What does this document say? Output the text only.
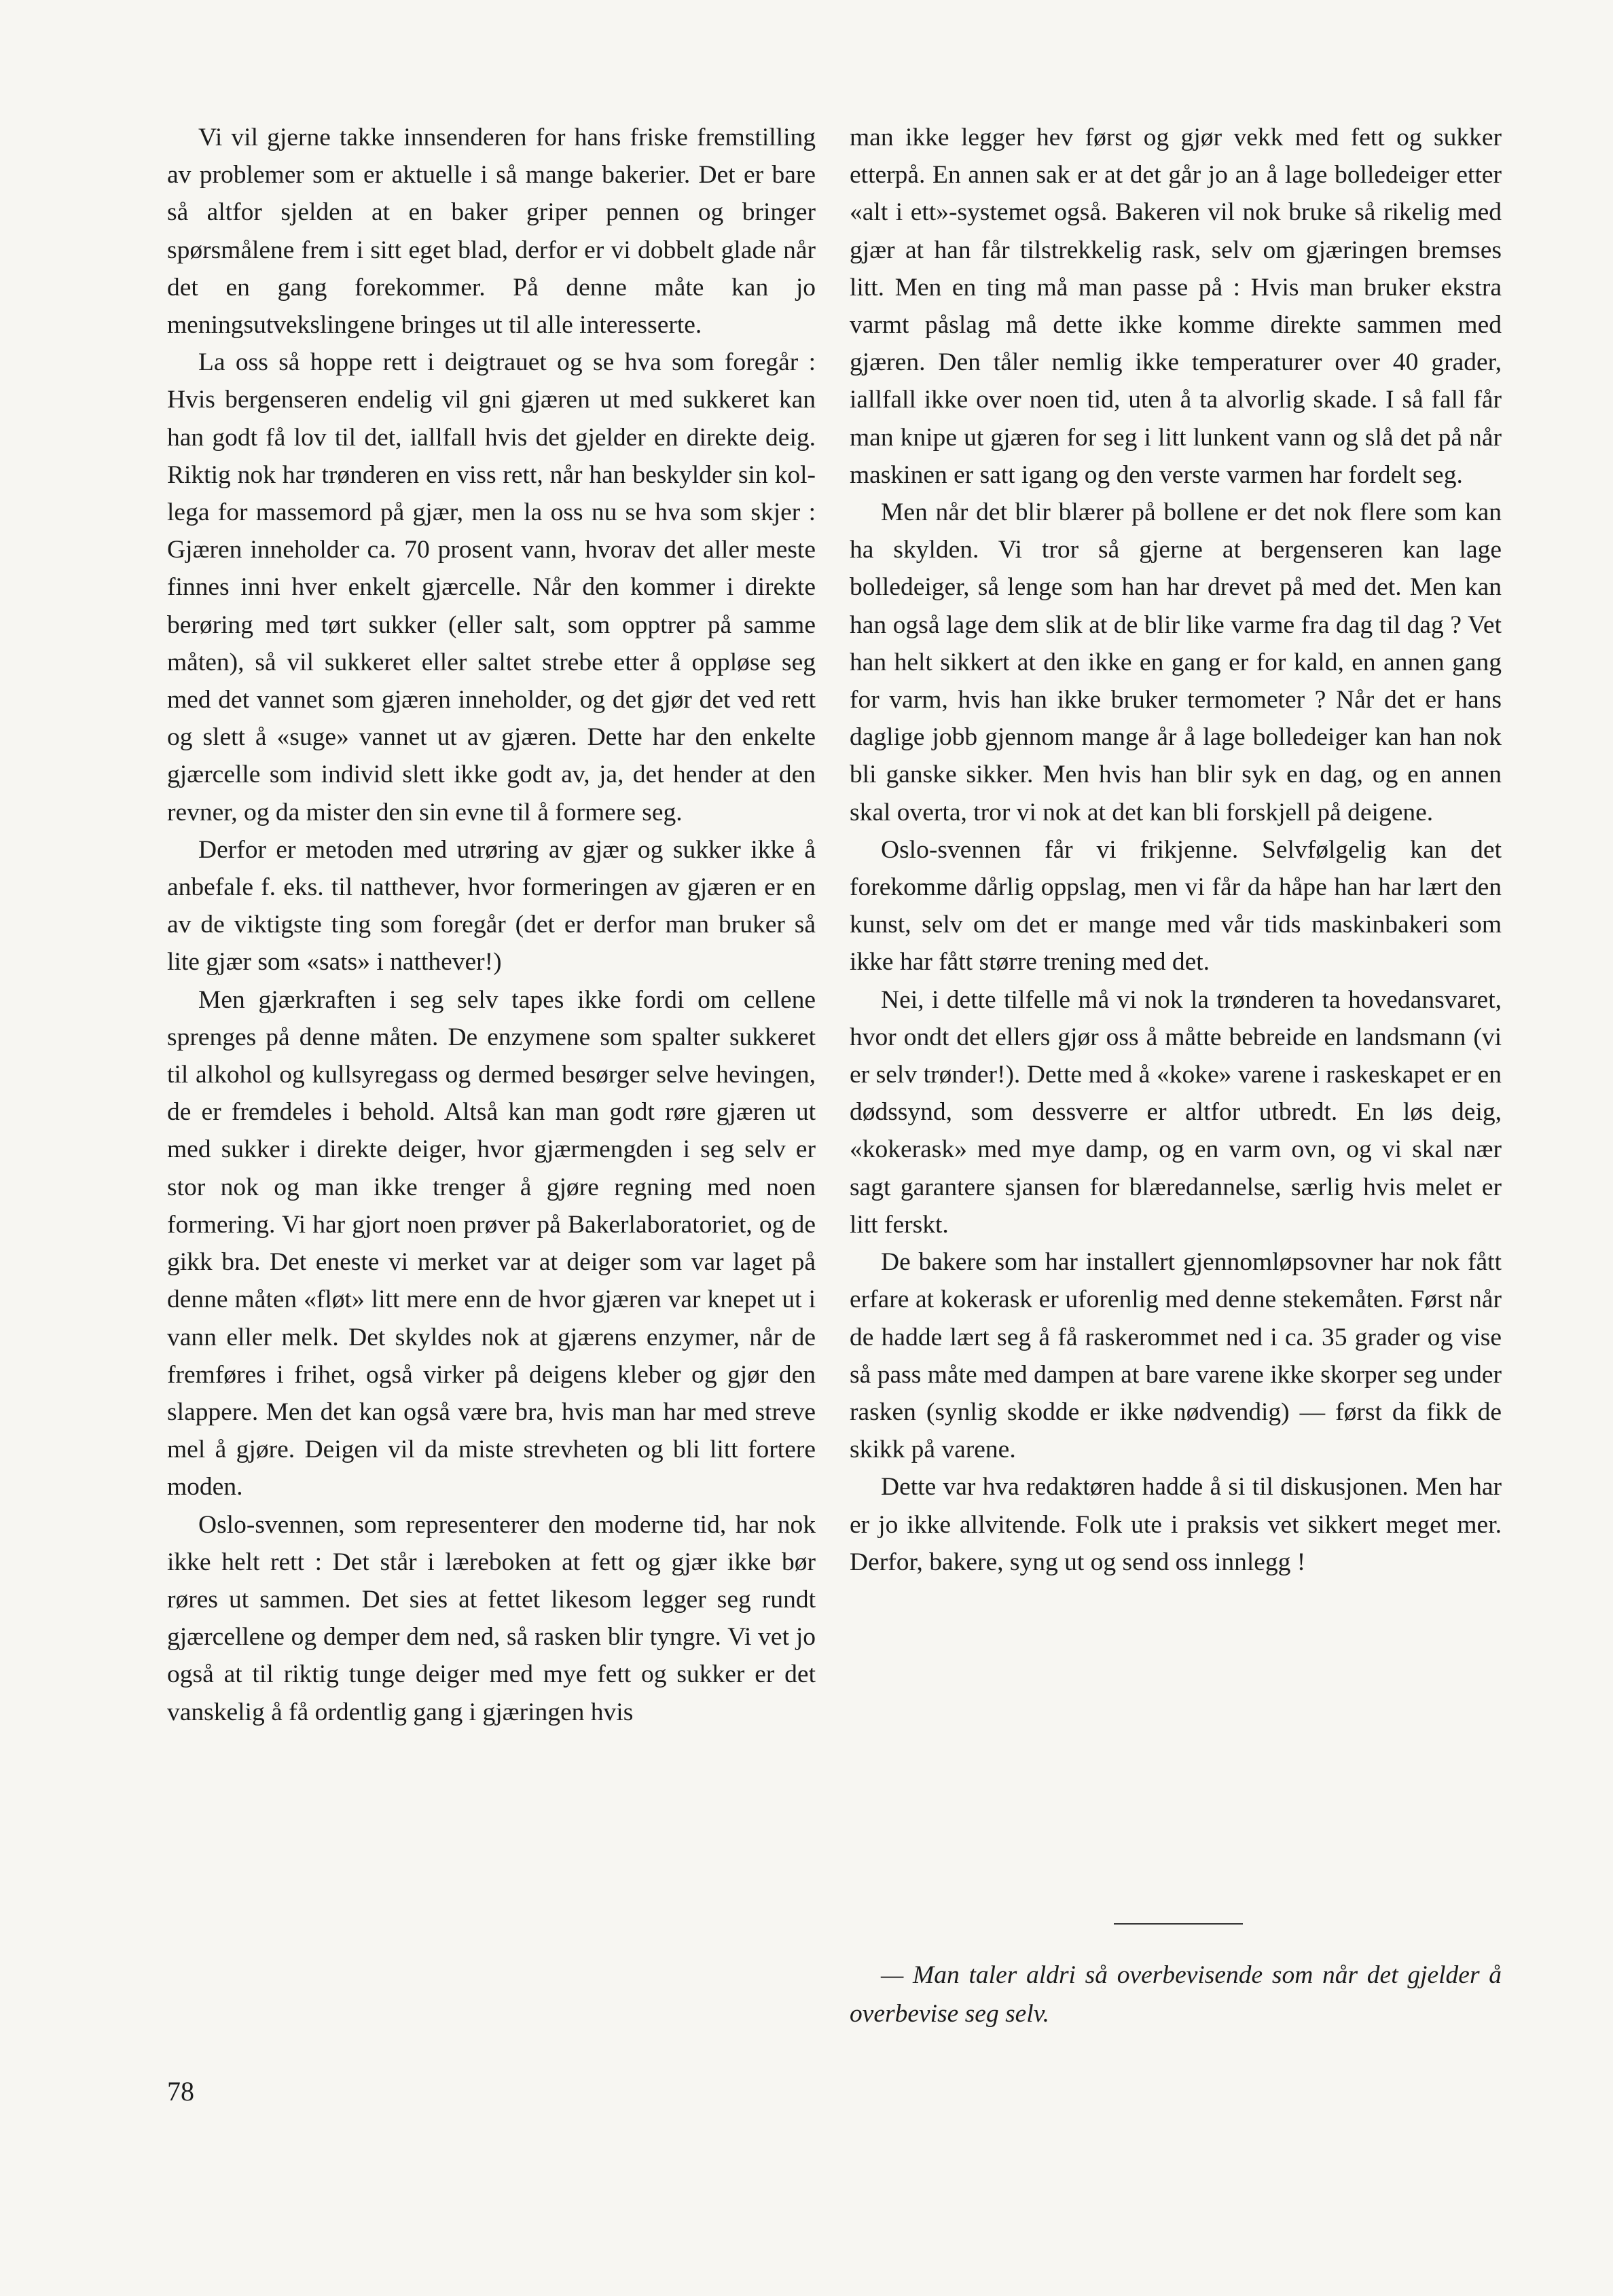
Vi vil gjerne takke innsenderen for hans friske fremstilling av problemer som er aktuelle i så mange bakerier. Det er bare så altfor sjelden at en baker griper pennen og bringer spørsmålene frem i sitt eget blad, derfor er vi dobbelt glade når det en gang forekommer. På denne måte kan jo meningsutvekslingene bringes ut til alle interesserte.

La oss så hoppe rett i deigtrauet og se hva som foregår : Hvis bergenseren endelig vil gni gjæren ut med sukkeret kan han godt få lov til det, iallfall hvis det gjelder en direkte deig. Riktig nok har trønderen en viss rett, når han beskylder sin kollega for massemord på gjær, men la oss nu se hva som skjer : Gjæren inneholder ca. 70 prosent vann, hvorav det aller meste finnes inni hver enkelt gjærcelle. Når den kommer i direkte berøring med tørt sukker (eller salt, som opptrer på samme måten), så vil sukkeret eller saltet strebe etter å oppløse seg med det vannet som gjæren inneholder, og det gjør det ved rett og slett å «suge» vannet ut av gjæren. Dette har den enkelte gjærcelle som individ slett ikke godt av, ja, det hender at den revner, og da mister den sin evne til å formere seg.

Derfor er metoden med utrøring av gjær og sukker ikke å anbefale f. eks. til natthever, hvor formeringen av gjæren er en av de viktigste ting som foregår (det er derfor man bruker så lite gjær som «sats» i natthever!)

Men gjærkraften i seg selv tapes ikke fordi om cellene sprenges på denne måten. De enzymene som spalter sukkeret til alkohol og kullsyregass og dermed besørger selve hevingen, de er fremdeles i behold. Altså kan man godt røre gjæren ut med sukker i direkte deiger, hvor gjærmengden i seg selv er stor nok og man ikke trenger å gjøre regning med noen formering. Vi har gjort noen prøver på Bakerlaboratoriet, og de gikk bra. Det eneste vi merket var at deiger som var laget på denne måten «fløt» litt mere enn de hvor gjæren var knepet ut i vann eller melk. Det skyldes nok at gjærens enzymer, når de fremføres i frihet, også virker på deigens kleber og gjør den slappere. Men det kan også være bra, hvis man har med streve mel å gjøre. Deigen vil da miste strevheten og bli litt fortere moden.

Oslo-svennen, som representerer den moderne tid, har nok ikke helt rett : Det står i læreboken at fett og gjær ikke bør røres ut sammen. Det sies at fettet likesom legger seg rundt gjærcellene og demper dem ned, så rasken blir tyngre. Vi vet jo også at til riktig tunge deiger med mye fett og sukker er det vanskelig å få ordentlig gang i gjæringen hvis

man ikke legger hev først og gjør vekk med fett og sukker etterpå. En annen sak er at det går jo an å lage bolledeiger etter «alt i ett»-systemet også. Bakeren vil nok bruke så rikelig med gjær at han får tilstrekkelig rask, selv om gjæringen bremses litt. Men en ting må man passe på : Hvis man bruker ekstra varmt påslag må dette ikke komme direkte sammen med gjæren. Den tåler nemlig ikke temperaturer over 40 grader, iallfall ikke over noen tid, uten å ta alvorlig skade. I så fall får man knipe ut gjæren for seg i litt lunkent vann og slå det på når maskinen er satt igang og den verste varmen har fordelt seg.

Men når det blir blærer på bollene er det nok flere som kan ha skylden. Vi tror så gjerne at bergenseren kan lage bolledeiger, så lenge som han har drevet på med det. Men kan han også lage dem slik at de blir like varme fra dag til dag ? Vet han helt sikkert at den ikke en gang er for kald, en annen gang for varm, hvis han ikke bruker termometer ? Når det er hans daglige jobb gjennom mange år å lage bolledeiger kan han nok bli ganske sikker. Men hvis han blir syk en dag, og en annen skal overta, tror vi nok at det kan bli forskjell på deigene.

Oslo-svennen får vi frikjenne. Selvfølgelig kan det forekomme dårlig oppslag, men vi får da håpe han har lært den kunst, selv om det er mange med vår tids maskinbakeri som ikke har fått større trening med det.

Nei, i dette tilfelle må vi nok la trønderen ta hovedansvaret, hvor ondt det ellers gjør oss å måtte bebreide en landsmann (vi er selv trønder!). Dette med å «koke» varene i raskeskapet er en dødssynd, som dessverre er altfor utbredt. En løs deig, «kokerask» med mye damp, og en varm ovn, og vi skal nær sagt garantere sjansen for blæredannelse, særlig hvis melet er litt ferskt.

De bakere som har installert gjennomløpsovner har nok fått erfare at kokerask er uforenlig med denne stekemåten. Først når de hadde lært seg å få raskerommet ned i ca. 35 grader og vise så pass måte med dampen at bare varene ikke skorper seg under rasken (synlig skodde er ikke nødvendig) — først da fikk de skikk på varene.

Dette var hva redaktøren hadde å si til diskusjonen. Men har er jo ikke allvitende. Folk ute i praksis vet sikkert meget mer. Derfor, bakere, syng ut og send oss innlegg !

— Man taler aldri så overbevisende som når det gjelder å overbevise seg selv.

78
